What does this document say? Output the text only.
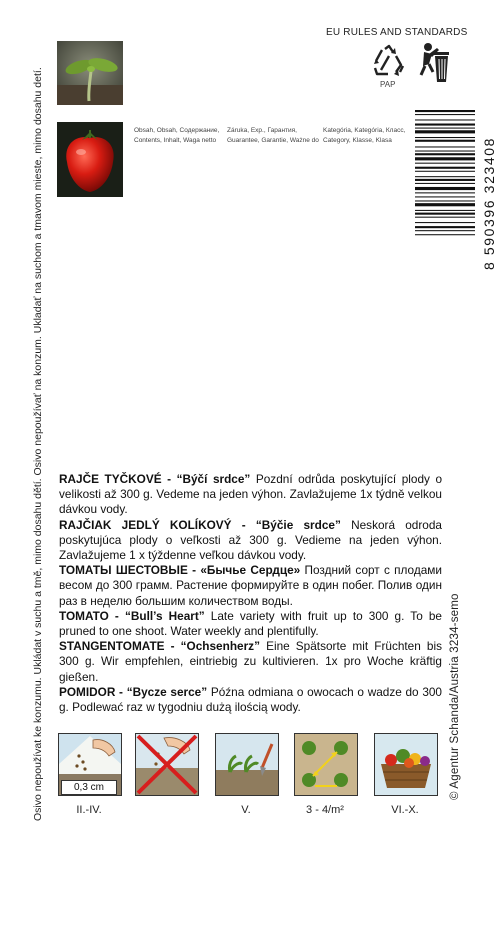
Osivo nepoužívat ke konzumu. Ukládat v suchu a tmě, mimo dosahu dětí. Osivo nepoužívať na konzum. Ukladať na suchom a tmavom mieste, mimo dosahu detí.	© Agentur Schanda/Austria 3234-semo
EU RULES AND STANDARDS
PAP
Obsah, Obsah, Содержание,
Contents, Inhalt, Waga netto
Záruka, Exp., Гарантия,
Guarantee, Garantie, Ważne do
Kategória, Kategória, Класс,
Category, Klasse, Klasa	8 590396 323408

RAJČE TYČKOVÉ - “Býčí srdce” Pozdní odrůda poskytující plody o velikosti až 300 g. Vedeme na jeden výhon. Zavlažujeme 1x týdně velkou dávkou vody.

RAJČIAK JEDLÝ KOLÍKOVÝ - “Býčie srdce” Neskorá odroda poskytujúca plody o veľkosti až 300 g. Vedieme na jeden výhon. Zavlažujeme 1 x týždenne veľkou dávkou vody.

ТОМАТЫ ШЕСТОВЫЕ - «Бычье Сердце» Поздний сорт с плодами весом до 300 грамм. Растение формируйте в один побег. Полив один раз в неделю большим количеством воды.

TOMATO - “Bull’s Heart” Late variety with fruit up to 300 g. To be pruned to one shoot. Water weekly and plentifully.

STANGENTOMATE - “Ochsenherz” Eine Spätsorte mit Früchten bis 300 g. Wir empfehlen, eintriebig zu kultivieren. 1x pro Woche kräftig gießen.

POMIDOR - “Bycze serce” Późna odmiana o owocach o wadze do 300 g. Podlewać raz w tygodniu dużą ilością wody.

0,3 cm
II.-IV.	V.	3 - 4/m²	VI.-X.
